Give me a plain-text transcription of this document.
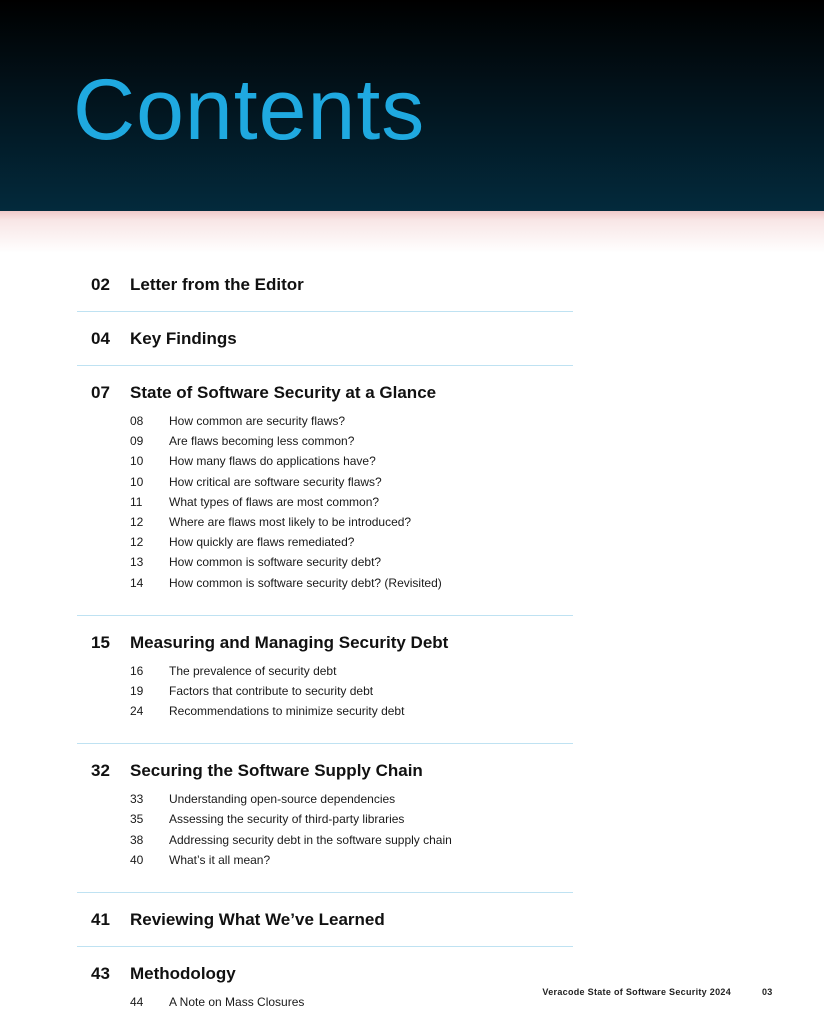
Contents
02	Letter from the Editor
04	Key Findings
07	State of Software Security at a Glance
08	How common are security flaws?
09	Are flaws becoming less common?
10	How many flaws do applications have?
10	How critical are software security flaws?
11	What types of flaws are most common?
12	Where are flaws most likely to be introduced?
12	How quickly are flaws remediated?
13	How common is software security debt?
14	How common is software security debt? (Revisited)
15	Measuring and Managing Security Debt
16	The prevalence of security debt
19	Factors that contribute to security debt
24	Recommendations to minimize security debt
32	Securing the Software Supply Chain
33	Understanding open-source dependencies
35	Assessing the security of third-party libraries
38	Addressing security debt in the software supply chain
40	What’s it all mean?
41	Reviewing What We’ve Learned
43	Methodology
44	A Note on Mass Closures
Veracode State of Software Security 2024	03
